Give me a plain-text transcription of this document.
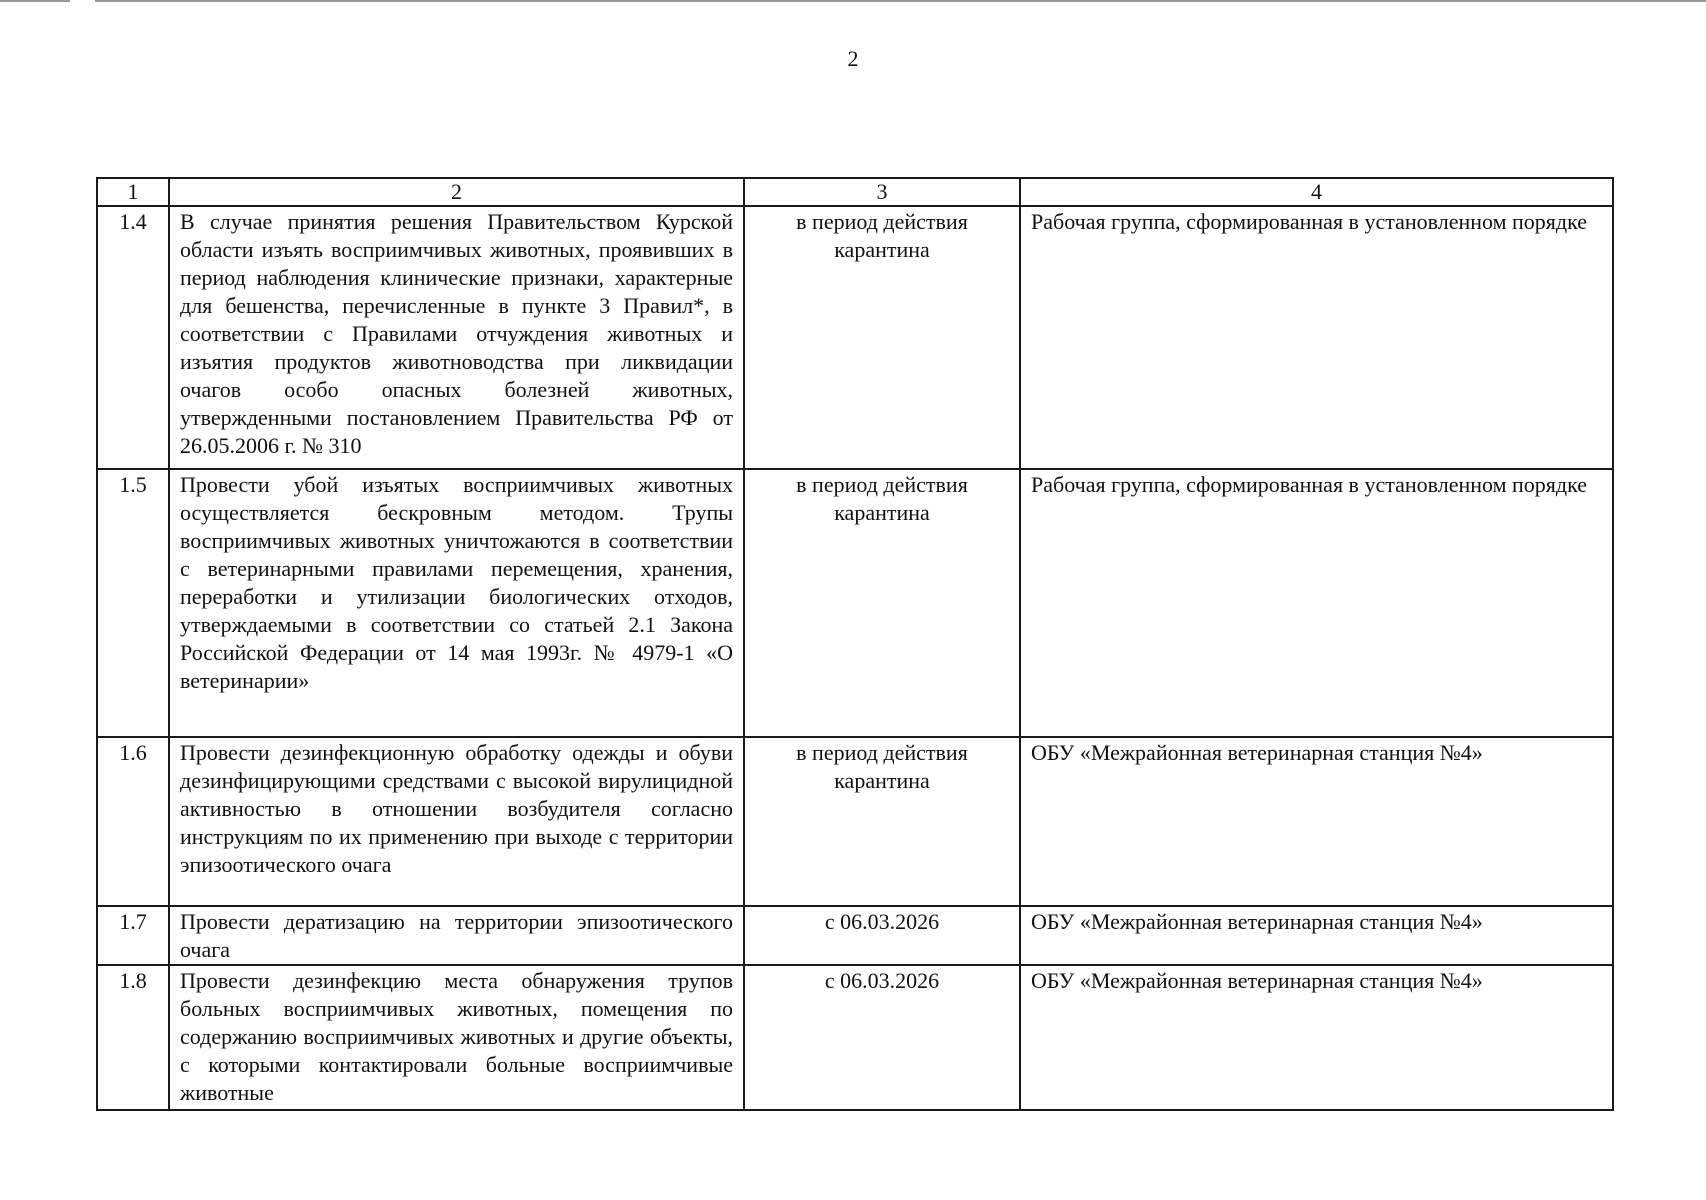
2
1	2	3	4
1.4	В случае принятия решения Правительством Курской области изъять восприимчивых животных, проявивших в период наблюдения клинические признаки, характерные для бешенства, перечисленные в пункте 3 Правил*, в соответствии с Правилами отчуждения животных и изъятия продуктов животноводства при ликвидации очагов особо опасных болезней животных, утвержденными постановлением Правительства РФ от 26.05.2006 г. № 310	в период действия карантина	Рабочая группа, сформированная в установленном порядке
1.5	Провести убой изъятых восприимчивых животных осуществляется бескровным методом. Трупы восприимчивых животных уничтожаются в соответствии с ветеринарными правилами перемещения, хранения, переработки и утилизации биологических отходов, утверждаемыми в соответствии со статьей 2.1 Закона Российской Федерации от 14 мая 1993г. № 4979-1 «О ветеринарии»	в период действия карантина	Рабочая группа, сформированная в установленном порядке
1.6	Провести дезинфекционную обработку одежды и обуви дезинфицирующими средствами с высокой вирулицидной активностью в отношении возбудителя согласно инструкциям по их применению при выходе с территории эпизоотического очага	в период действия карантина	ОБУ «Межрайонная ветеринарная станция №4»
1.7	Провести дератизацию на территории эпизоотического очага	с 06.03.2026	ОБУ «Межрайонная ветеринарная станция №4»
1.8	Провести дезинфекцию места обнаружения трупов больных восприимчивых животных, помещения по содержанию восприимчивых животных и другие объекты, с которыми контактировали больные восприимчивые животные	с 06.03.2026	ОБУ «Межрайонная ветеринарная станция №4»
